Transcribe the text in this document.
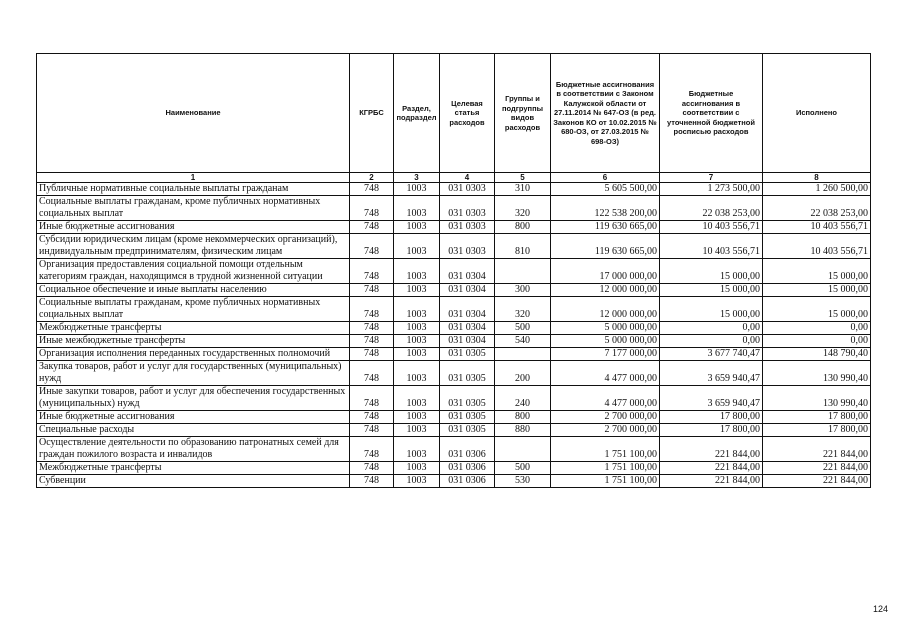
Наименование	КГРБС	Раздел, подраздел	Целевая статья расходов	Группы и подгруппы видов расходов	Бюджетные ассигнования в соответствии с Законом Калужской области от 27.11.2014 № 647-ОЗ (в ред. Законов КО от 10.02.2015 № 680-ОЗ, от 27.03.2015 № 698-ОЗ)	Бюджетные ассигнования в соответствии с уточненной бюджетной росписью расходов	Исполнено
1	2	3	4	5	6	7	8
Публичные нормативные социальные выплаты гражданам	748	1003	031 0303	310	5 605 500,00	1 273 500,00	1 260 500,00
Социальные выплаты гражданам, кроме публичных нормативных социальных выплат	748	1003	031 0303	320	122 538 200,00	22 038 253,00	22 038 253,00
Иные бюджетные ассигнования	748	1003	031 0303	800	119 630 665,00	10 403 556,71	10 403 556,71
Субсидии юридическим лицам (кроме некоммерческих организаций), индивидуальным предпринимателям, физическим лицам	748	1003	031 0303	810	119 630 665,00	10 403 556,71	10 403 556,71
Организация предоставления социальной помощи отдельным категориям граждан, находящимся в трудной жизненной ситуации	748	1003	031 0304		17 000 000,00	15 000,00	15 000,00
Социальное обеспечение и иные выплаты населению	748	1003	031 0304	300	12 000 000,00	15 000,00	15 000,00
Социальные выплаты гражданам, кроме публичных нормативных социальных выплат	748	1003	031 0304	320	12 000 000,00	15 000,00	15 000,00
Межбюджетные трансферты	748	1003	031 0304	500	5 000 000,00	0,00	0,00
Иные межбюджетные трансферты	748	1003	031 0304	540	5 000 000,00	0,00	0,00
Организация исполнения переданных государственных полномочий	748	1003	031 0305		7 177 000,00	3 677 740,47	148 790,40
Закупка товаров, работ и услуг для государственных (муниципальных) нужд	748	1003	031 0305	200	4 477 000,00	3 659 940,47	130 990,40
Иные закупки товаров, работ и услуг для обеспечения государственных (муниципальных) нужд	748	1003	031 0305	240	4 477 000,00	3 659 940,47	130 990,40
Иные бюджетные ассигнования	748	1003	031 0305	800	2 700 000,00	17 800,00	17 800,00
Специальные расходы	748	1003	031 0305	880	2 700 000,00	17 800,00	17 800,00
Осуществление деятельности по образованию патронатных семей для граждан пожилого возраста и инвалидов	748	1003	031 0306		1 751 100,00	221 844,00	221 844,00
Межбюджетные трансферты	748	1003	031 0306	500	1 751 100,00	221 844,00	221 844,00
Субвенции	748	1003	031 0306	530	1 751 100,00	221 844,00	221 844,00
124
